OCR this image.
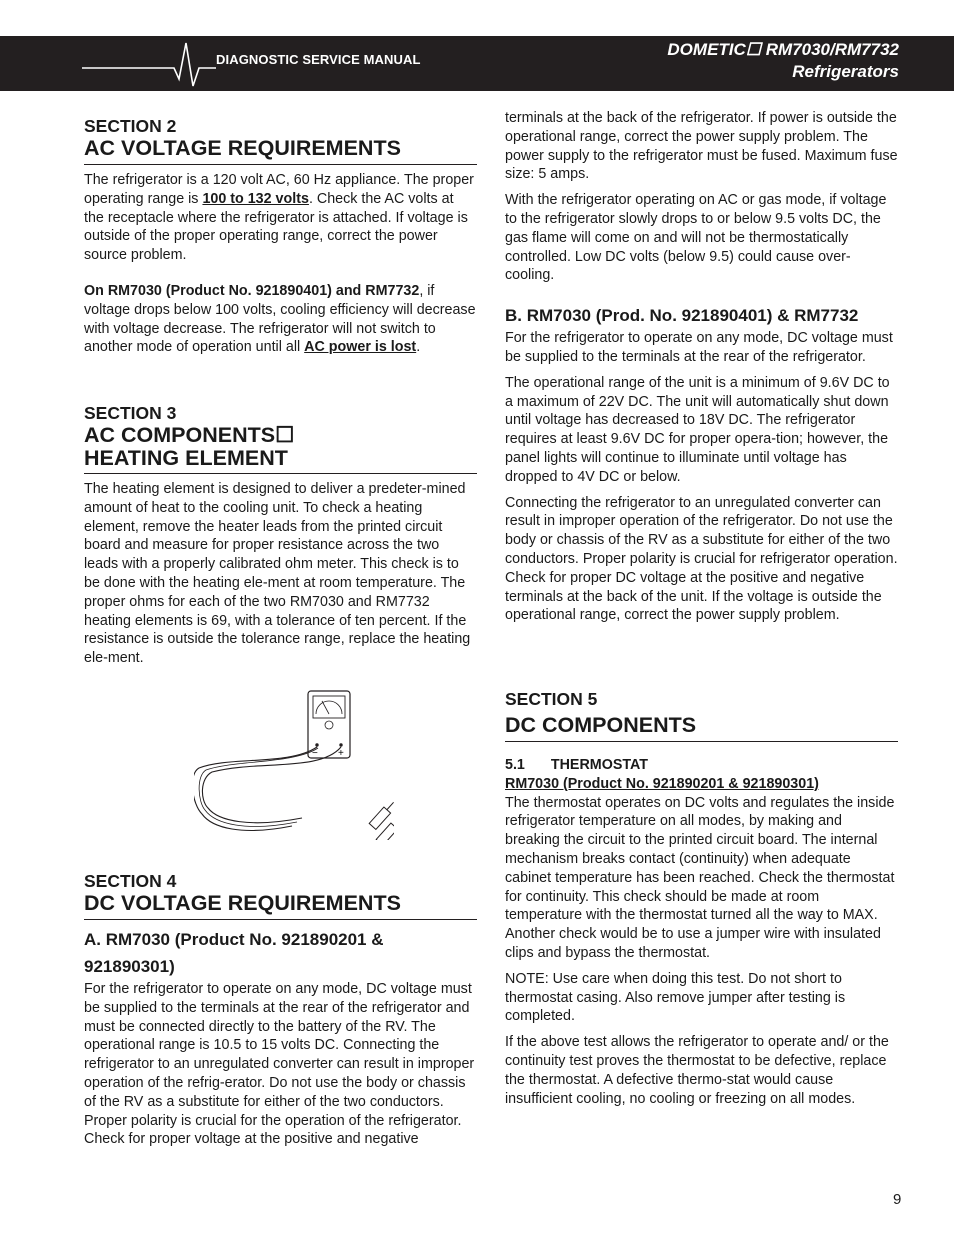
DIAGNOSTIC SERVICE MANUAL
DOMETIC☐ RM7030/RM7732
Refrigerators
SECTION 2
AC VOLTAGE REQUIREMENTS

The refrigerator is a 120 volt AC, 60 Hz appliance. The proper operating range is 100 to 132 volts. Check the AC volts at the receptacle where the refrigerator is attached. If voltage is outside of the proper operating range, correct the power source problem.

On RM7030 (Product No. 921890401) and RM7732, if voltage drops below 100 volts, cooling efficiency will decrease with voltage decrease. The refrigerator will not switch to another mode of operation until all AC power is lost.

SECTION 3
AC COMPONENTS☐
HEATING ELEMENT

The heating element is designed to deliver a predeter-mined amount of heat to the cooling unit. To check a heating element, remove the heater leads from the printed circuit board and measure for proper resistance across the two leads with a properly calibrated ohm meter. This check is to be done with the heating ele-ment at room temperature. The proper ohms for each of the two RM7030 and RM7732 heating elements is 69, with a tolerance of ten percent. If the resistance is outside the tolerance range, replace the heating ele-ment.

− +
SECTION 4
DC VOLTAGE REQUIREMENTS
A. RM7030 (Product No. 921890201 &
921890301)

For the refrigerator to operate on any mode, DC voltage must be supplied to the terminals at the rear of the refrigerator and must be connected directly to the battery of the RV. The operational range is 10.5 to 15 volts DC. Connecting the refrigerator to an unregulated converter can result in improper operation of the refrig-erator. Do not use the body or chassis of the RV as a substitute for either of the two conductors. Proper polarity is crucial for the operation of the refrigerator. Check for proper voltage at the positive and negative

terminals at the back of the refrigerator. If power is outside the operational range, correct the power supply problem. The power supply to the refrigerator must be fused. Maximum fuse size: 5 amps.

With the refrigerator operating on AC or gas mode, if voltage to the refrigerator slowly drops to or below 9.5 volts DC, the gas flame will come on and will not be thermostatically controlled. Low DC volts (below 9.5) could cause over-cooling.

B. RM7030 (Prod. No. 921890401) & RM7732

For the refrigerator to operate on any mode, DC voltage must be supplied to the terminals at the rear of the refrigerator.

The operational range of the unit is a minimum of 9.6V DC to a maximum of 22V DC. The unit will automatically shut down until voltage has decreased to 18V DC. The refrigerator requires at least 9.6V DC for proper opera-tion; however, the panel lights will continue to illuminate until voltage has dropped to 4V DC or below.

Connecting the refrigerator to an unregulated converter can result in improper operation of the refrigerator. Do not use the body or chassis of the RV as a substitute for either of the two conductors. Proper polarity is crucial for refrigerator operation. Check for proper DC voltage at the positive and negative terminals at the back of the unit. If the voltage is outside the operational range, correct the power supply problem.

SECTION 5
DC COMPONENTS
5.1 THERMOSTAT
RM7030 (Product No. 921890201 & 921890301)

The thermostat operates on DC volts and regulates the inside refrigerator temperature on all modes, by making and breaking the circuit to the printed circuit board. The internal mechanism breaks contact (continuity) when adequate cabinet temperature has been reached. Check the thermostat for continuity. This check should be made at room temperature with the thermostat turned all the way to MAX. Another check would be to use a jumper wire with insulated clips and bypass the thermostat.

NOTE: Use care when doing this test. Do not short to thermostat casing. Also remove jumper after testing is completed.

If the above test allows the refrigerator to operate and/ or the continuity test proves the thermostat to be defective, replace the thermostat. A defective thermo-stat would cause insufficient cooling, no cooling or freezing on all modes.

9
